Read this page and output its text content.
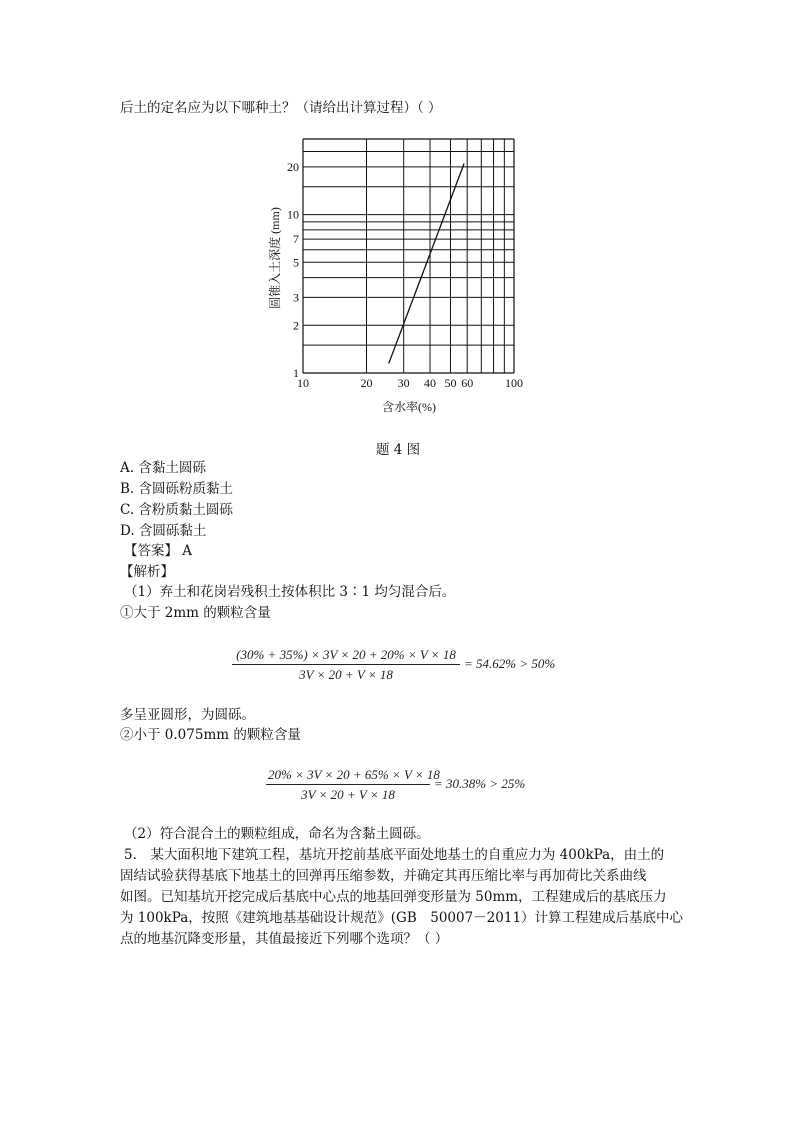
后土的定名应为以下哪种土？（请给出计算过程）（ ）
10	20 30 40 50 60	100
1
2
3
5
7
10
20
含水率(%)
圆锥入土深度 (mm)
题 4 图
A. 含黏土圆砾
B. 含圆砾粉质黏土
C. 含粉质黏土圆砾
D. 含圆砾黏土
【答案】 A
【解析】
（1）弃土和花岗岩残积土按体积比 3∶1 均匀混合后。
①大于 2mm 的颗粒含量
$\frac{(30\% + 35\%) \times 3V \times 20 + 20\% \times V \times 18}{3V \times 20 + V \times 18} = 54.62\% > 50\%$
多呈亚圆形，为圆砾。
②小于 0.075mm 的颗粒含量
$\frac{20\% \times 3V \times 20 + 65\% \times V \times 18}{3V \times 20 + V \times 18} = 30.38\% > 25\%$
（2）符合混合土的颗粒组成，命名为含黏土圆砾。
5.　某大面积地下建筑工程，基坑开挖前基底平面处地基土的自重应力为 400kPa，由土的
固结试验获得基底下地基土的回弹再压缩参数，并确定其再压缩比率与再加荷比关系曲线
如图。已知基坑开挖完成后基底中心点的地基回弹变形量为 50mm，工程建成后的基底压力
为 100kPa，按照《建筑地基基础设计规范》(GB　50007－2011）计算工程建成后基底中心
点的地基沉降变形量，其值最接近下列哪个选项？（ ）
